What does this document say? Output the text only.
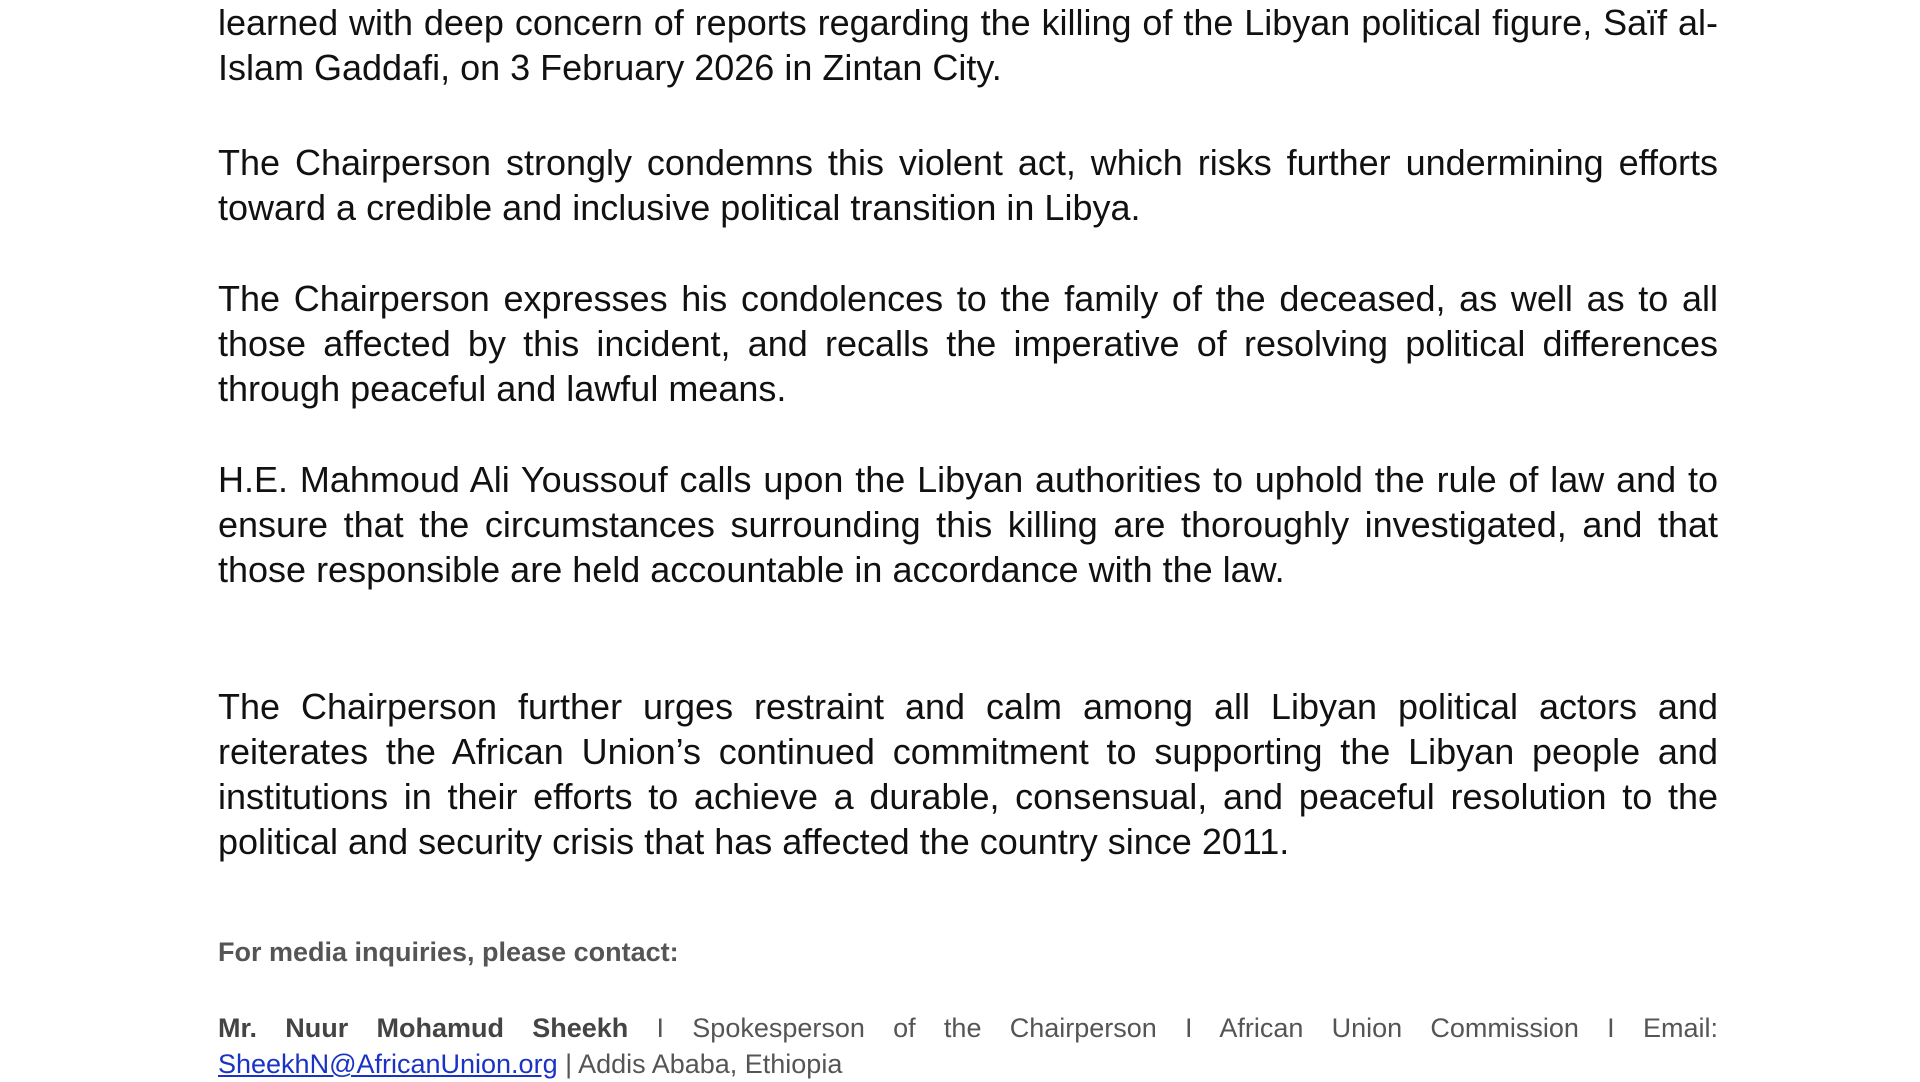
learned with deep concern of reports regarding the killing of the Libyan political figure, Saïf al-Islam Gaddafi, on 3 February 2026 in Zintan City.

The Chairperson strongly condemns this violent act, which risks further undermining efforts toward a credible and inclusive political transition in Libya.

The Chairperson expresses his condolences to the family of the deceased, as well as to all those affected by this incident, and recalls the imperative of resolving political differences through peaceful and lawful means.

H.E. Mahmoud Ali Youssouf calls upon the Libyan authorities to uphold the rule of law and to ensure that the circumstances surrounding this killing are thoroughly investigated, and that those responsible are held accountable in accordance with the law.

The Chairperson further urges restraint and calm among all Libyan political actors and reiterates the African Union’s continued commitment to supporting the Libyan people and institutions in their efforts to achieve a durable, consensual, and peaceful resolution to the political and security crisis that has affected the country since 2011.

For media inquiries, please contact:

Mr. Nuur Mohamud Sheekh I Spokesperson of the Chairperson I African Union Commission I Email: SheekhN@AfricanUnion.org | Addis Ababa, Ethiopia
